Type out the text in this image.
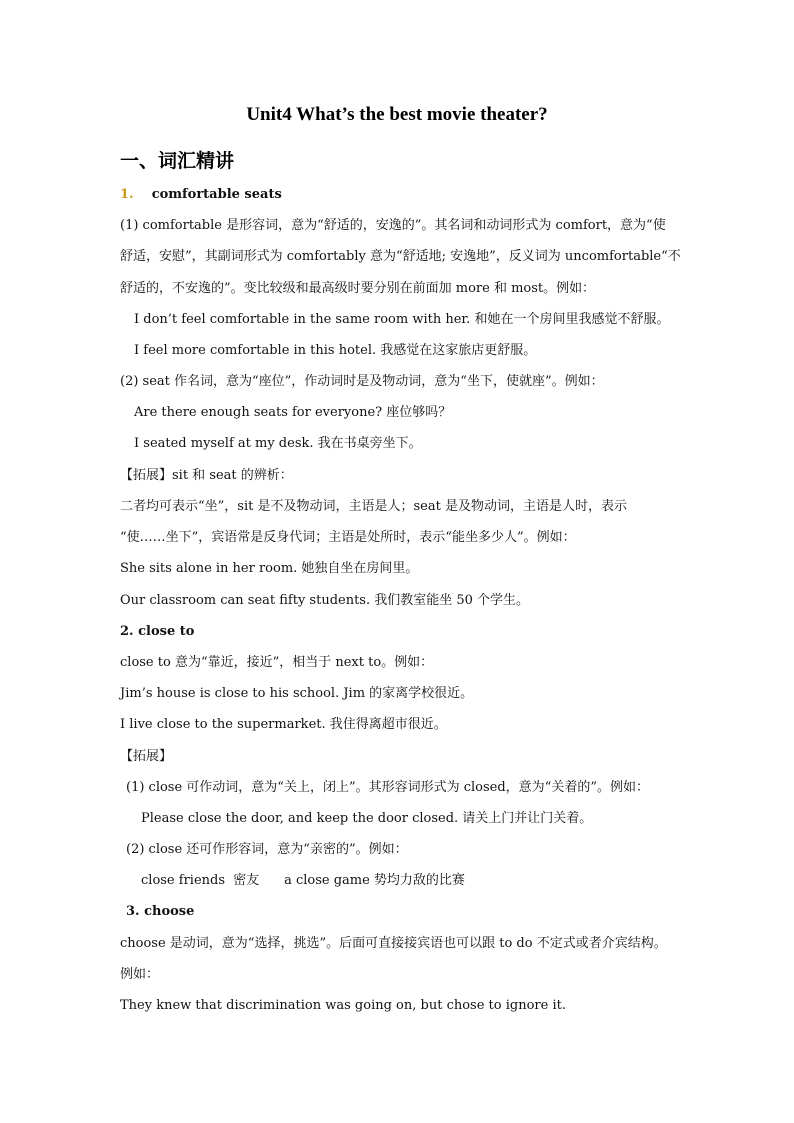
Unit4 What’s the best movie theater?
一、词汇精讲
1. comfortable seats
(1) comfortable 是形容词，意为“舒适的，安逸的”。其名词和动词形式为 comfort，意为“使
舒适，安慰”，其副词形式为 comfortably 意为“舒适地; 安逸地”，反义词为 uncomfortable“不
舒适的，不安逸的”。变比较级和最高级时要分别在前面加 more 和 most。例如：
I don’t feel comfortable in the same room with her. 和她在一个房间里我感觉不舒服。
I feel more comfortable in this hotel. 我感觉在这家旅店更舒服。
(2) seat 作名词，意为“座位”，作动词时是及物动词，意为“坐下，使就座”。例如：
Are there enough seats for everyone? 座位够吗？
I seated myself at my desk. 我在书桌旁坐下。
【拓展】sit 和 seat 的辨析：
二者均可表示“坐”，sit 是不及物动词，主语是人；seat 是及物动词，主语是人时，表示
“使……坐下”，宾语常是反身代词；主语是处所时，表示“能坐多少人”。例如：
She sits alone in her room. 她独自坐在房间里。
Our classroom can seat fifty students. 我们教室能坐 50 个学生。
2. close to
close to 意为“靠近，接近”，相当于 next to。例如：
Jim’s house is close to his school. Jim 的家离学校很近。
I live close to the supermarket. 我住得离超市很近。
【拓展】
(1) close 可作动词，意为“关上，闭上”。其形容词形式为 closed，意为“关着的”。例如：
Please close the door, and keep the door closed. 请关上门并让门关着。
(2) close 还可作形容词，意为“亲密的”。例如：
close friends  密友      a close game 势均力敌的比赛
3. choose
choose 是动词，意为“选择，挑选”。后面可直接接宾语也可以跟 to do 不定式或者介宾结构。
例如：
They knew that discrimination was going on, but chose to ignore it.
